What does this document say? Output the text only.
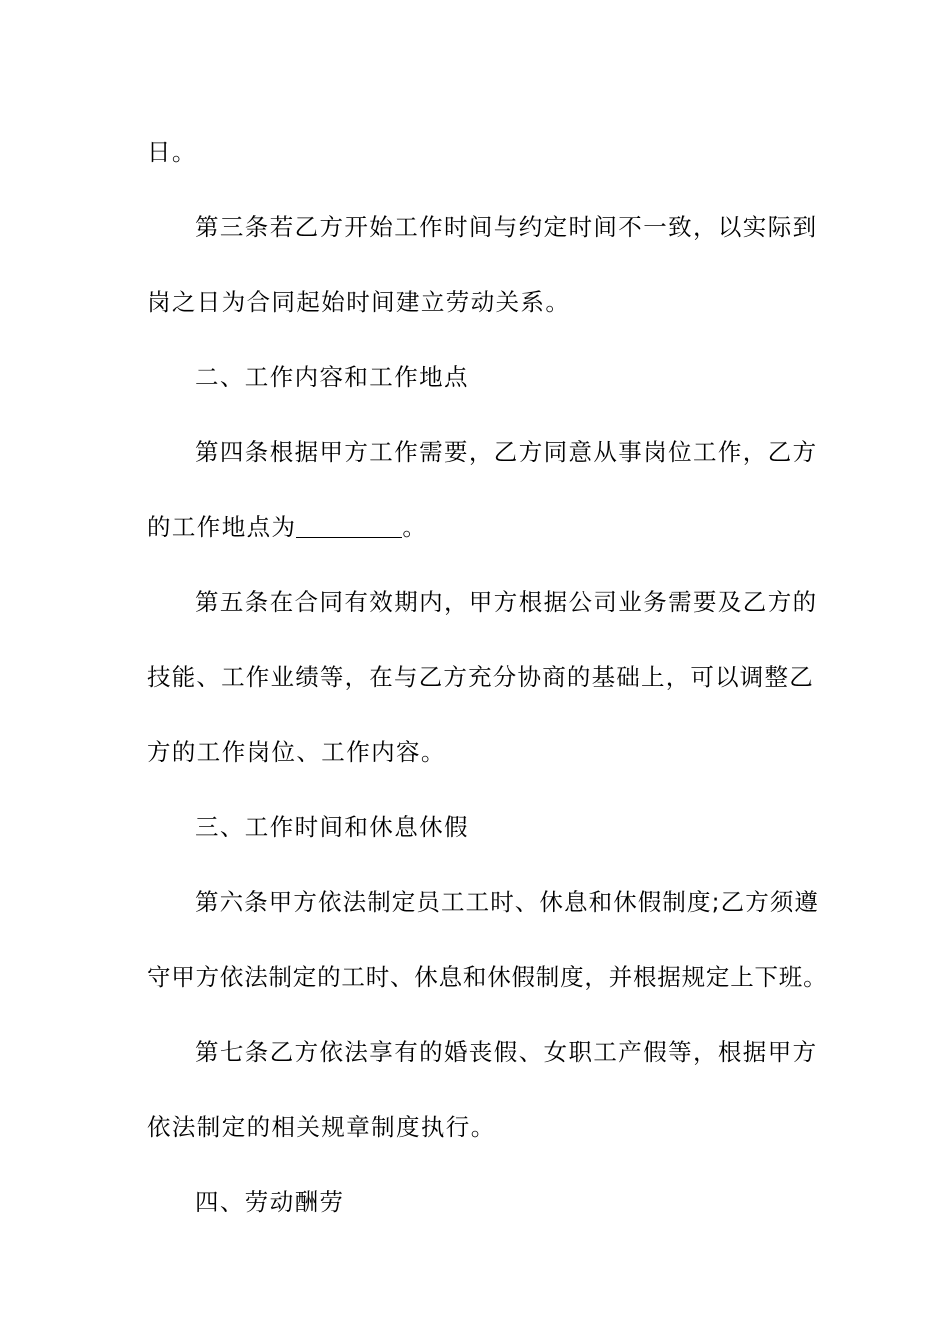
日。
第三条若乙方开始工作时间与约定时间不一致，以实际到
岗之日为合同起始时间建立劳动关系。
二、工作内容和工作地点
第四条根据甲方工作需要，乙方同意从事岗位工作，乙方
的工作地点为	。
第五条在合同有效期内，甲方根据公司业务需要及乙方的
技能、工作业绩等，在与乙方充分协商的基础上，可以调整乙
方的工作岗位、工作内容。
三、工作时间和休息休假
第六条甲方依法制定员工工时、休息和休假制度;乙方须遵
守甲方依法制定的工时、休息和休假制度，并根据规定上下班。
第七条乙方依法享有的婚丧假、女职工产假等，根据甲方
依法制定的相关规章制度执行。
四、劳动酬劳
